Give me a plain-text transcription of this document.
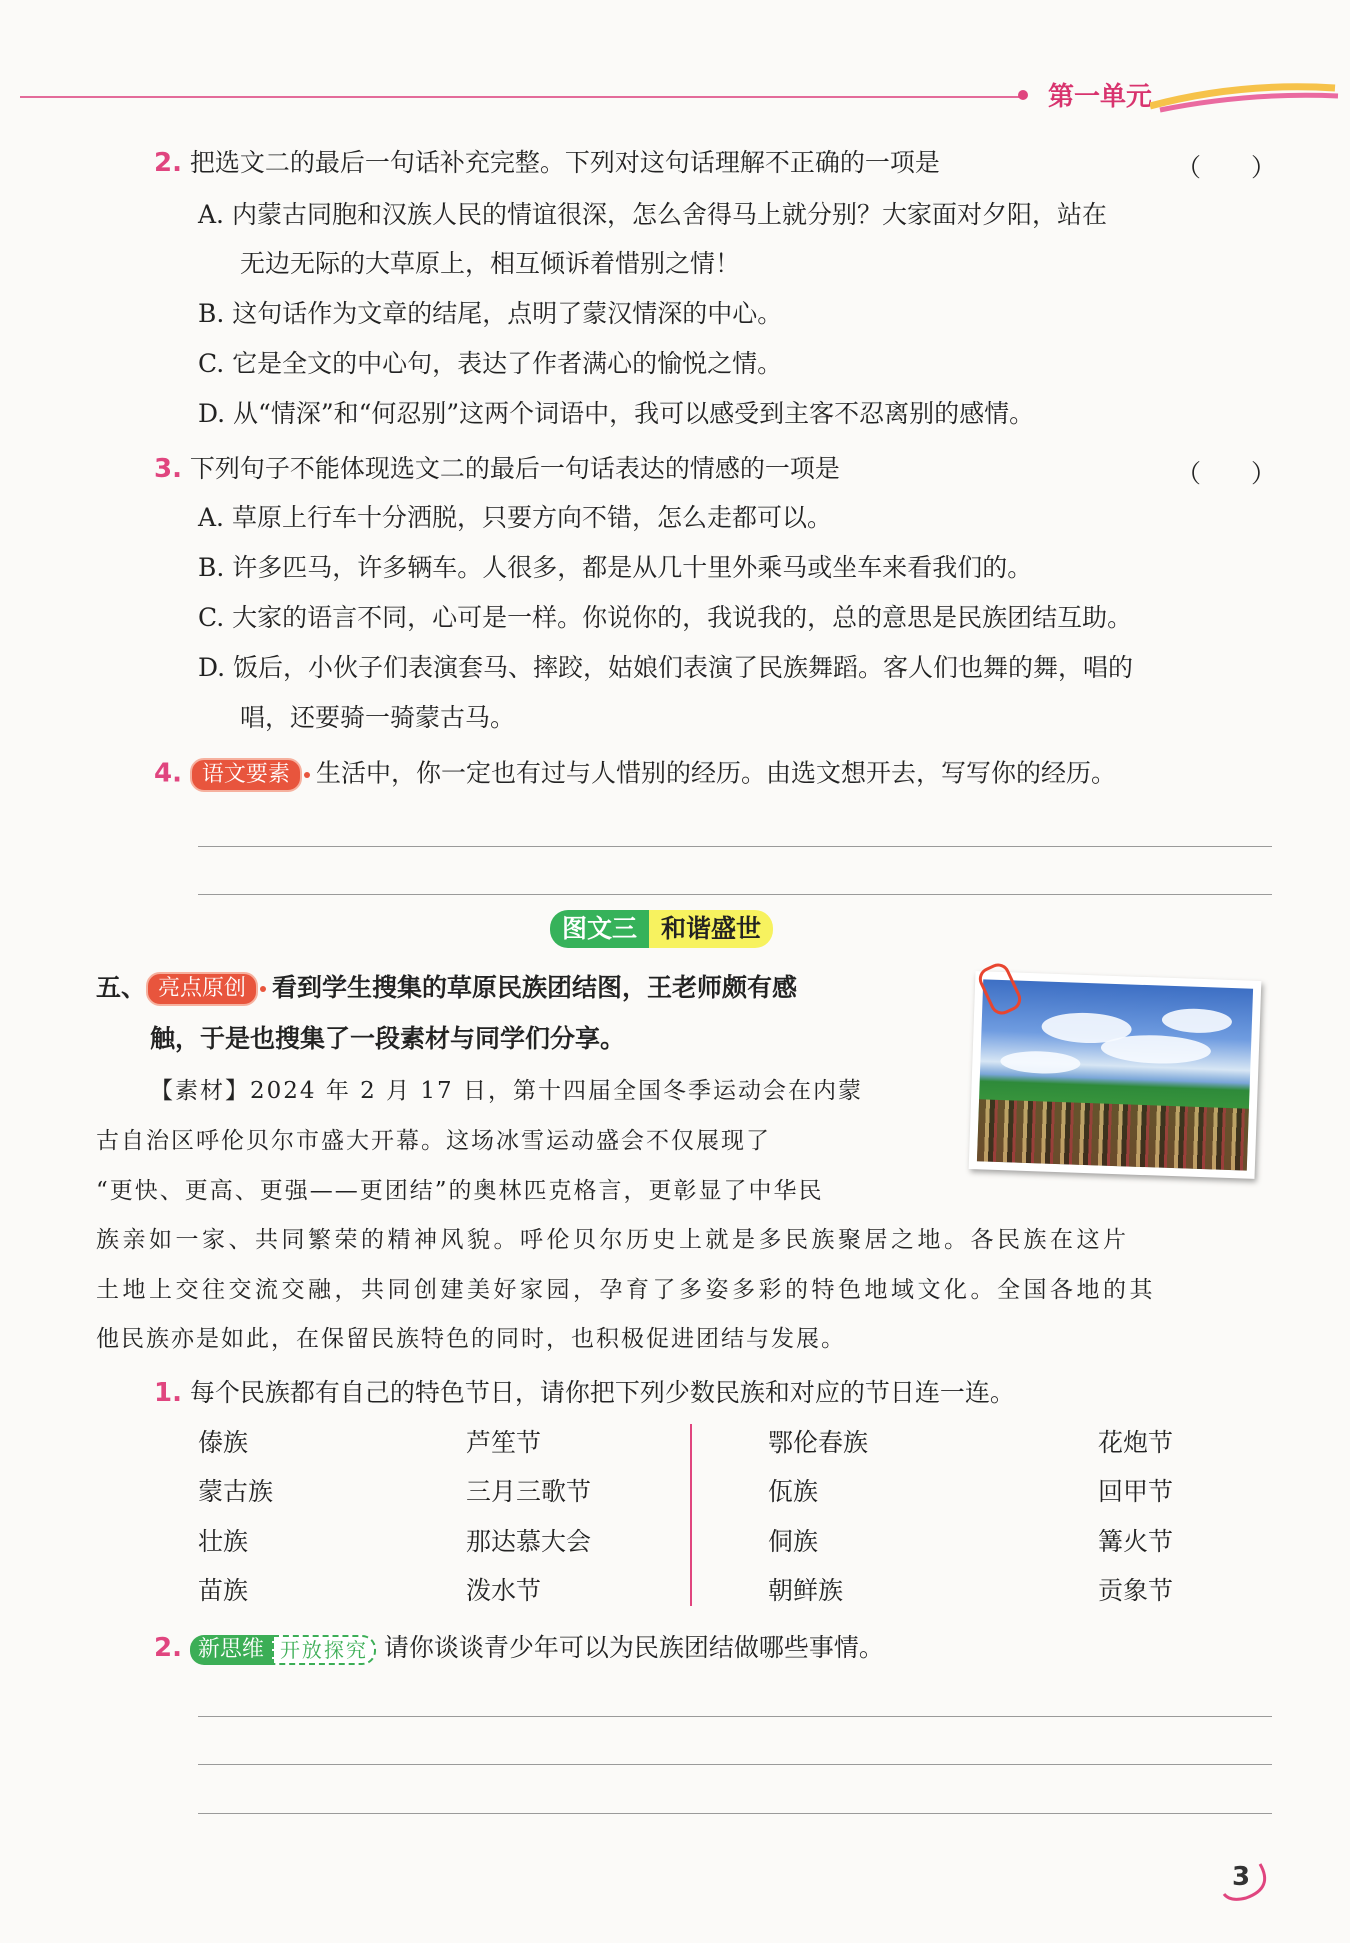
第一单元
2. 把选文二的最后一句话补充完整。下列对这句话理解不正确的一项是	（　　）
A. 内蒙古同胞和汉族人民的情谊很深，怎么舍得马上就分别？大家面对夕阳，站在
无边无际的大草原上，相互倾诉着惜别之情！
B. 这句话作为文章的结尾，点明了蒙汉情深的中心。
C. 它是全文的中心句，表达了作者满心的愉悦之情。
D. 从“情深”和“何忍别”这两个词语中，我可以感受到主客不忍离别的感情。
3. 下列句子不能体现选文二的最后一句话表达的情感的一项是	（　　）
A. 草原上行车十分洒脱，只要方向不错，怎么走都可以。
B. 许多匹马，许多辆车。人很多，都是从几十里外乘马或坐车来看我们的。
C. 大家的语言不同，心可是一样。你说你的，我说我的，总的意思是民族团结互助。
D. 饭后，小伙子们表演套马、摔跤，姑娘们表演了民族舞蹈。客人们也舞的舞，唱的
唱，还要骑一骑蒙古马。
4. 语文要素 生活中，你一定也有过与人惜别的经历。由选文想开去，写写你的经历。
图文三 和谐盛世
五、 亮点原创 看到学生搜集的草原民族团结图，王老师颇有感
触，于是也搜集了一段素材与同学们分享。
【素材】2024 年 2 月 17 日，第十四届全国冬季运动会在内蒙
古自治区呼伦贝尔市盛大开幕。这场冰雪运动盛会不仅展现了
“更快、更高、更强——更团结”的奥林匹克格言，更彰显了中华民
族亲如一家、共同繁荣的精神风貌。呼伦贝尔历史上就是多民族聚居之地。各民族在这片
土地上交往交流交融，共同创建美好家园，孕育了多姿多彩的特色地域文化。全国各地的其
他民族亦是如此，在保留民族特色的同时，也积极促进团结与发展。
1. 每个民族都有自己的特色节日，请你把下列少数民族和对应的节日连一连。
傣族
蒙古族
壮族
苗族
芦笙节
三月三歌节
那达慕大会
泼水节
鄂伦春族
佤族
侗族
朝鲜族
花炮节
回甲节
篝火节
贡象节
2. 新思维 开放探究 请你谈谈青少年可以为民族团结做哪些事情。
3
